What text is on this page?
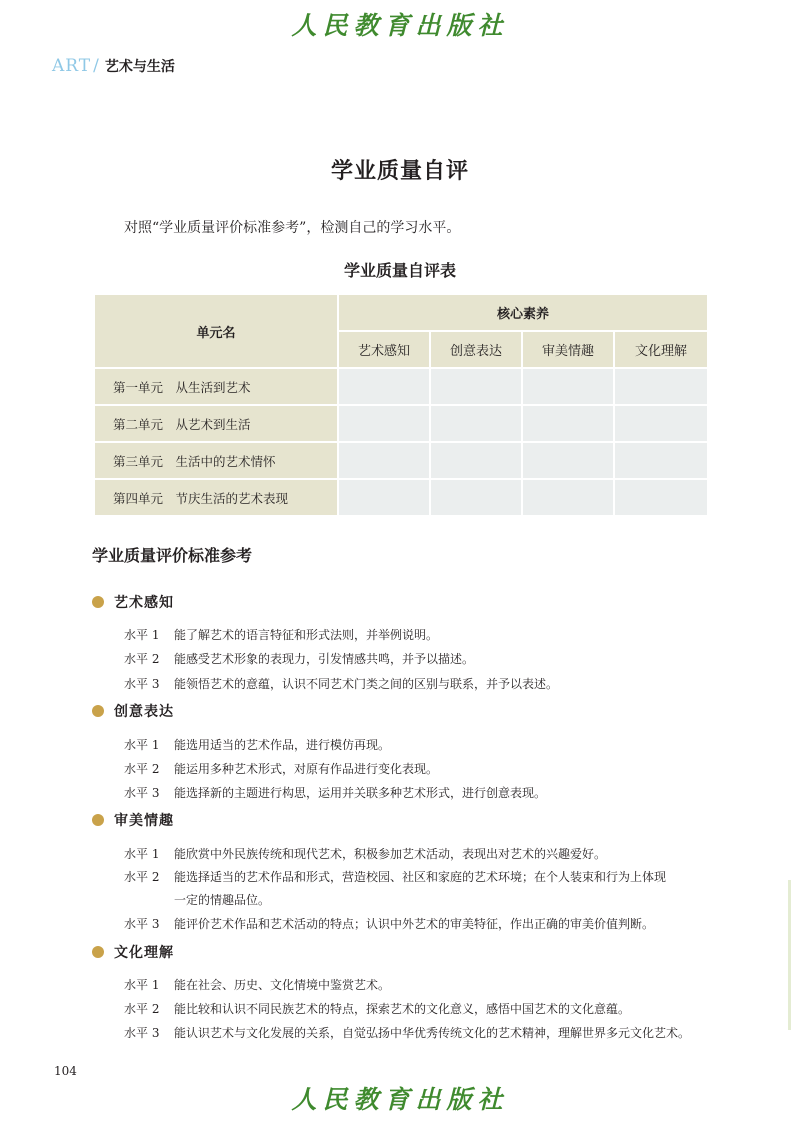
人民教育出版社
ART / 艺术与生活
学业质量自评
对照“学业质量评价标准参考”，检测自己的学习水平。
学业质量自评表
单元名	核心素养			
	艺术感知	创意表达	审美情趣	文化理解
第一单元　从生活到艺术				
第二单元　从艺术到生活				
第三单元　生活中的艺术情怀				
第四单元　节庆生活的艺术表现				
学业质量评价标准参考
艺术感知
水平 1	能了解艺术的语言特征和形式法则，并举例说明。
水平 2	能感受艺术形象的表现力，引发情感共鸣，并予以描述。
水平 3	能领悟艺术的意蕴，认识不同艺术门类之间的区别与联系，并予以表述。
创意表达
水平 1	能选用适当的艺术作品，进行模仿再现。
水平 2	能运用多种艺术形式，对原有作品进行变化表现。
水平 3	能选择新的主题进行构思，运用并关联多种艺术形式，进行创意表现。
审美情趣
水平 1	能欣赏中外民族传统和现代艺术，积极参加艺术活动，表现出对艺术的兴趣爱好。
水平 2	能选择适当的艺术作品和形式，营造校园、社区和家庭的艺术环境；在个人装束和行为上体现
一定的情趣品位。
水平 3	能评价艺术作品和艺术活动的特点；认识中外艺术的审美特征，作出正确的审美价值判断。
文化理解
水平 1	能在社会、历史、文化情境中鉴赏艺术。
水平 2	能比较和认识不同民族艺术的特点，探索艺术的文化意义，感悟中国艺术的文化意蕴。
水平 3	能认识艺术与文化发展的关系，自觉弘扬中华优秀传统文化的艺术精神，理解世界多元文化艺术。
104
人民教育出版社
